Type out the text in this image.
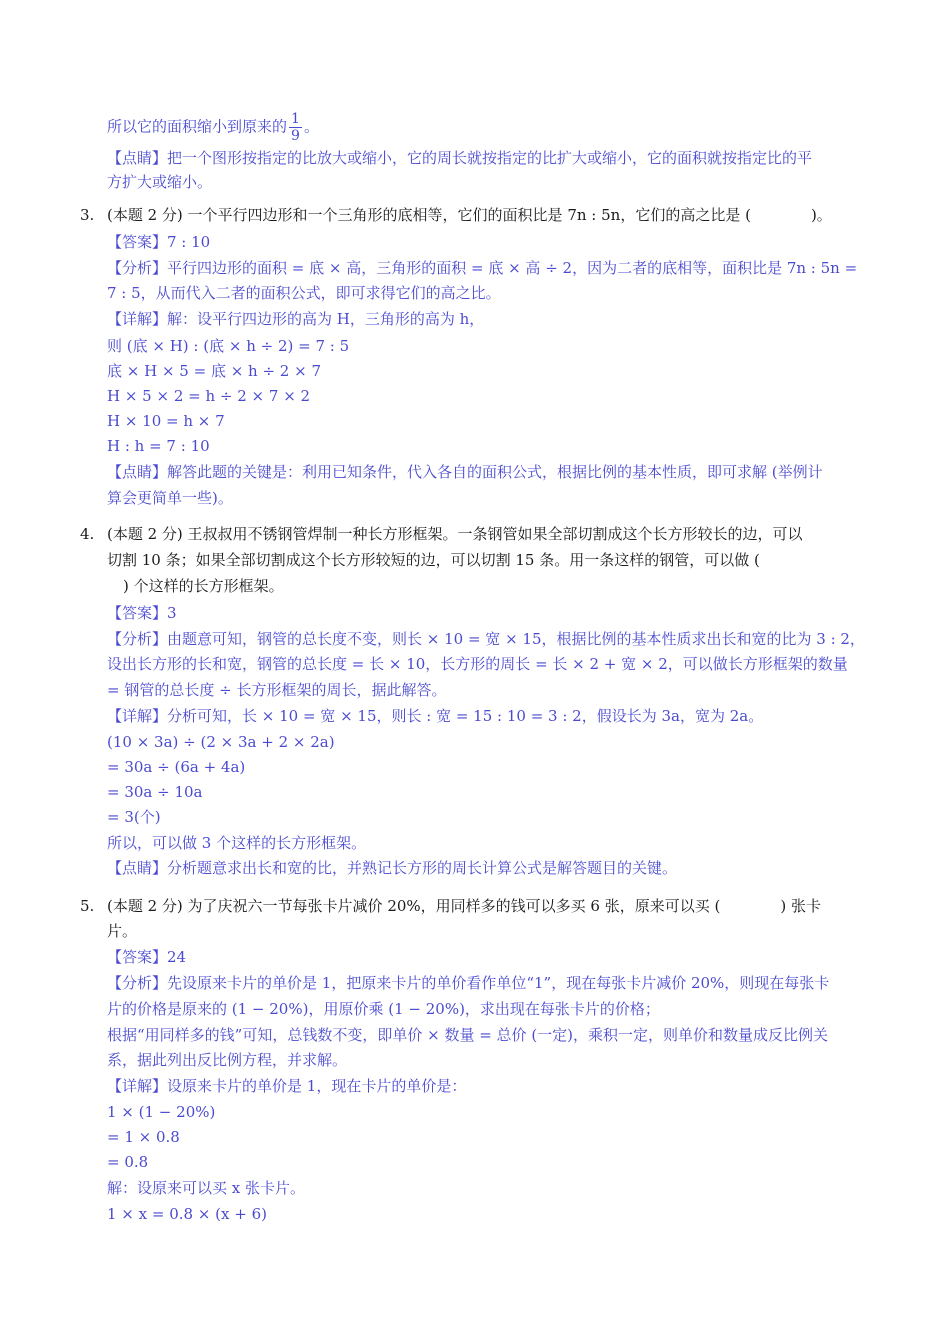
所以它的面积缩小到原来的 $\frac{1}{9}$ 。
【点睛】把一个图形按指定的比放大或缩小，它的周长就按指定的比扩大或缩小，它的面积就按指定比的平
方扩大或缩小。
3. (本题 2 分) 一个平行四边形和一个三角形的底相等，它们的面积比是 7n : 5n，它们的高之比是 (	)。
【答案】7 : 10
【分析】平行四边形的面积 = 底 × 高，三角形的面积 = 底 × 高 ÷ 2，因为二者的底相等，面积比是 7n : 5n =
7 : 5，从而代入二者的面积公式，即可求得它们的高之比。
【详解】解：设平行四边形的高为 H，三角形的高为 h，
则 (底 × H) : (底 × h ÷ 2) = 7 : 5
底 × H × 5 = 底 × h ÷ 2 × 7
H × 5 × 2 = h ÷ 2 × 7 × 2
H × 10 = h × 7
H : h = 7 : 10
【点睛】解答此题的关键是：利用已知条件，代入各自的面积公式，根据比例的基本性质，即可求解 (举例计
算会更简单一些)。
4. (本题 2 分) 王叔叔用不锈钢管焊制一种长方形框架。一条钢管如果全部切割成这个长方形较长的边，可以
切割 10 条；如果全部切割成这个长方形较短的边，可以切割 15 条。用一条这样的钢管，可以做 (
) 个这样的长方形框架。
【答案】3
【分析】由题意可知，钢管的总长度不变，则长 × 10 = 宽 × 15，根据比例的基本性质求出长和宽的比为 3 : 2，
设出长方形的长和宽，钢管的总长度 = 长 × 10，长方形的周长 = 长 × 2 + 宽 × 2，可以做长方形框架的数量
= 钢管的总长度 ÷ 长方形框架的周长，据此解答。
【详解】分析可知，长 × 10 = 宽 × 15，则长 : 宽 = 15 : 10 = 3 : 2，假设长为 3a，宽为 2a。
(10 × 3a) ÷ (2 × 3a + 2 × 2a)
= 30a ÷ (6a + 4a)
= 30a ÷ 10a
= 3(个)
所以，可以做 3 个这样的长方形框架。
【点睛】分析题意求出长和宽的比，并熟记长方形的周长计算公式是解答题目的关键。
5. (本题 2 分) 为了庆祝六一节每张卡片减价 20%，用同样多的钱可以多买 6 张，原来可以买 (	) 张卡
片。
【答案】24
【分析】先设原来卡片的单价是 1，把原来卡片的单价看作单位“1”，现在每张卡片减价 20%，则现在每张卡
片的价格是原来的 (1 − 20%)，用原价乘 (1 − 20%)，求出现在每张卡片的价格；
根据“用同样多的钱”可知，总钱数不变，即单价 × 数量 = 总价 (一定)，乘积一定，则单价和数量成反比例关
系，据此列出反比例方程，并求解。
【详解】设原来卡片的单价是 1，现在卡片的单价是：
1 × (1 − 20%)
= 1 × 0.8
= 0.8
解：设原来可以买 x 张卡片。
1 × x = 0.8 × (x + 6)
